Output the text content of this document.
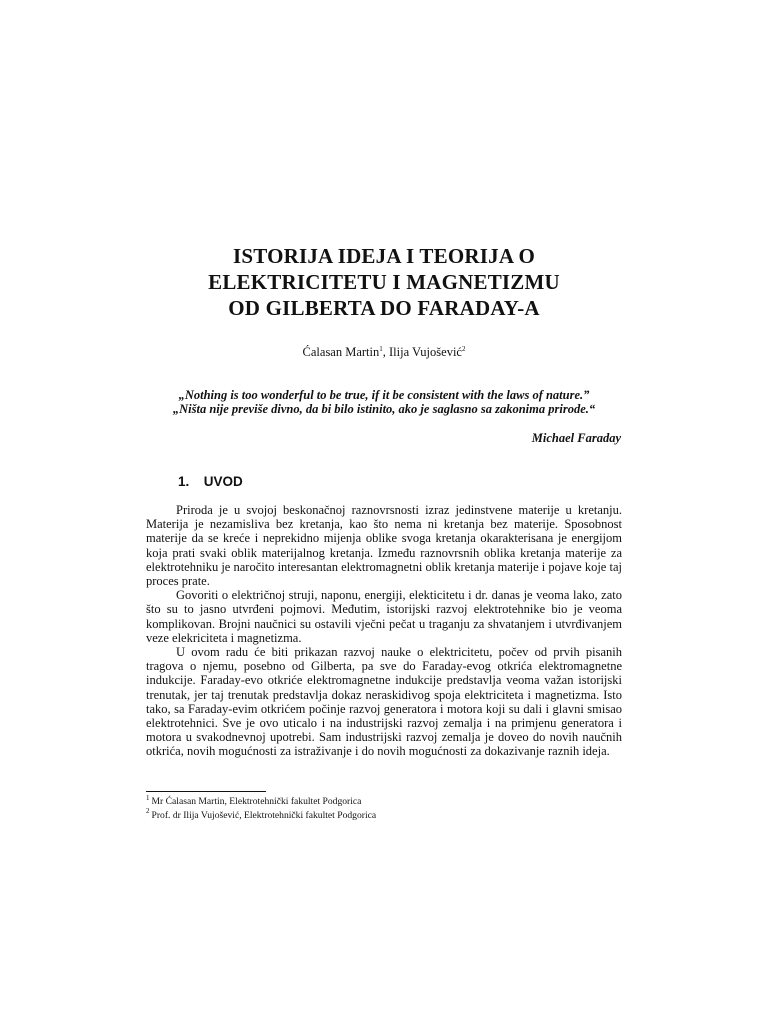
ISTORIJA IDEJA I TEORIJA O
ELEKTRICITETU I MAGNETIZMU
OD GILBERTA DO FARADAY-A
Ćalasan Martin$^1$, Ilija Vujošević$^2$
„Nothing is too wonderful to be true, if it be consistent with the laws of nature.”
„Ništa nije previše divno, da bi bilo istinito, ako je saglasno sa zakonima prirode.“
Michael Faraday
1. UVOD

Priroda je u svojoj beskonačnoj raznovrsnosti izraz jedinstvene materije u kretanju. Materija je nezamisliva bez kretanja, kao što nema ni kretanja bez materije. Sposobnost materije da se kreće i neprekidno mijenja oblike svoga kretanja okarakterisana je energijom koja prati svaki oblik materijalnog kretanja. Između raznovrsnih oblika kretanja materije za elektrotehniku je naročito interesantan elektromagnetni oblik kretanja materije i pojave koje taj proces prate.

Govoriti o električnoj struji, naponu, energiji, elekticitetu i dr. danas je veoma lako, zato što su to jasno utvrđeni pojmovi. Međutim, istorijski razvoj elektrotehnike bio je veoma komplikovan. Brojni naučnici su ostavili vječni pečat u traganju za shvatanjem i utvrđivanjem veze elekriciteta i magnetizma.

U ovom radu će biti prikazan razvoj nauke o elektricitetu, počev od prvih pisanih tragova o njemu, posebno od Gilberta, pa sve do Faraday-evog otkrića elektromagnetne indukcije. Faraday-evo otkriće elektromagnetne indukcije predstavlja veoma važan istorijski trenutak, jer taj trenutak predstavlja dokaz neraskidivog spoja elektriciteta i magnetizma. Isto tako, sa Faraday-evim otkrićem počinje razvoj generatora i motora koji su dali i glavni smisao elektrotehnici. Sve je ovo uticalo i na industrijski razvoj zemalja i na primjenu generatora i motora u svakodnevnoj upotrebi. Sam industrijski razvoj zemalja je doveo do novih naučnih otkrića, novih mogućnosti za istraživanje i do novih mogućnosti za dokazivanje raznih ideja.

$^1$ Mr Ćalasan Martin, Elektrotehnički fakultet Podgorica
$^2$ Prof. dr Ilija Vujošević, Elektrotehnički fakultet Podgorica
